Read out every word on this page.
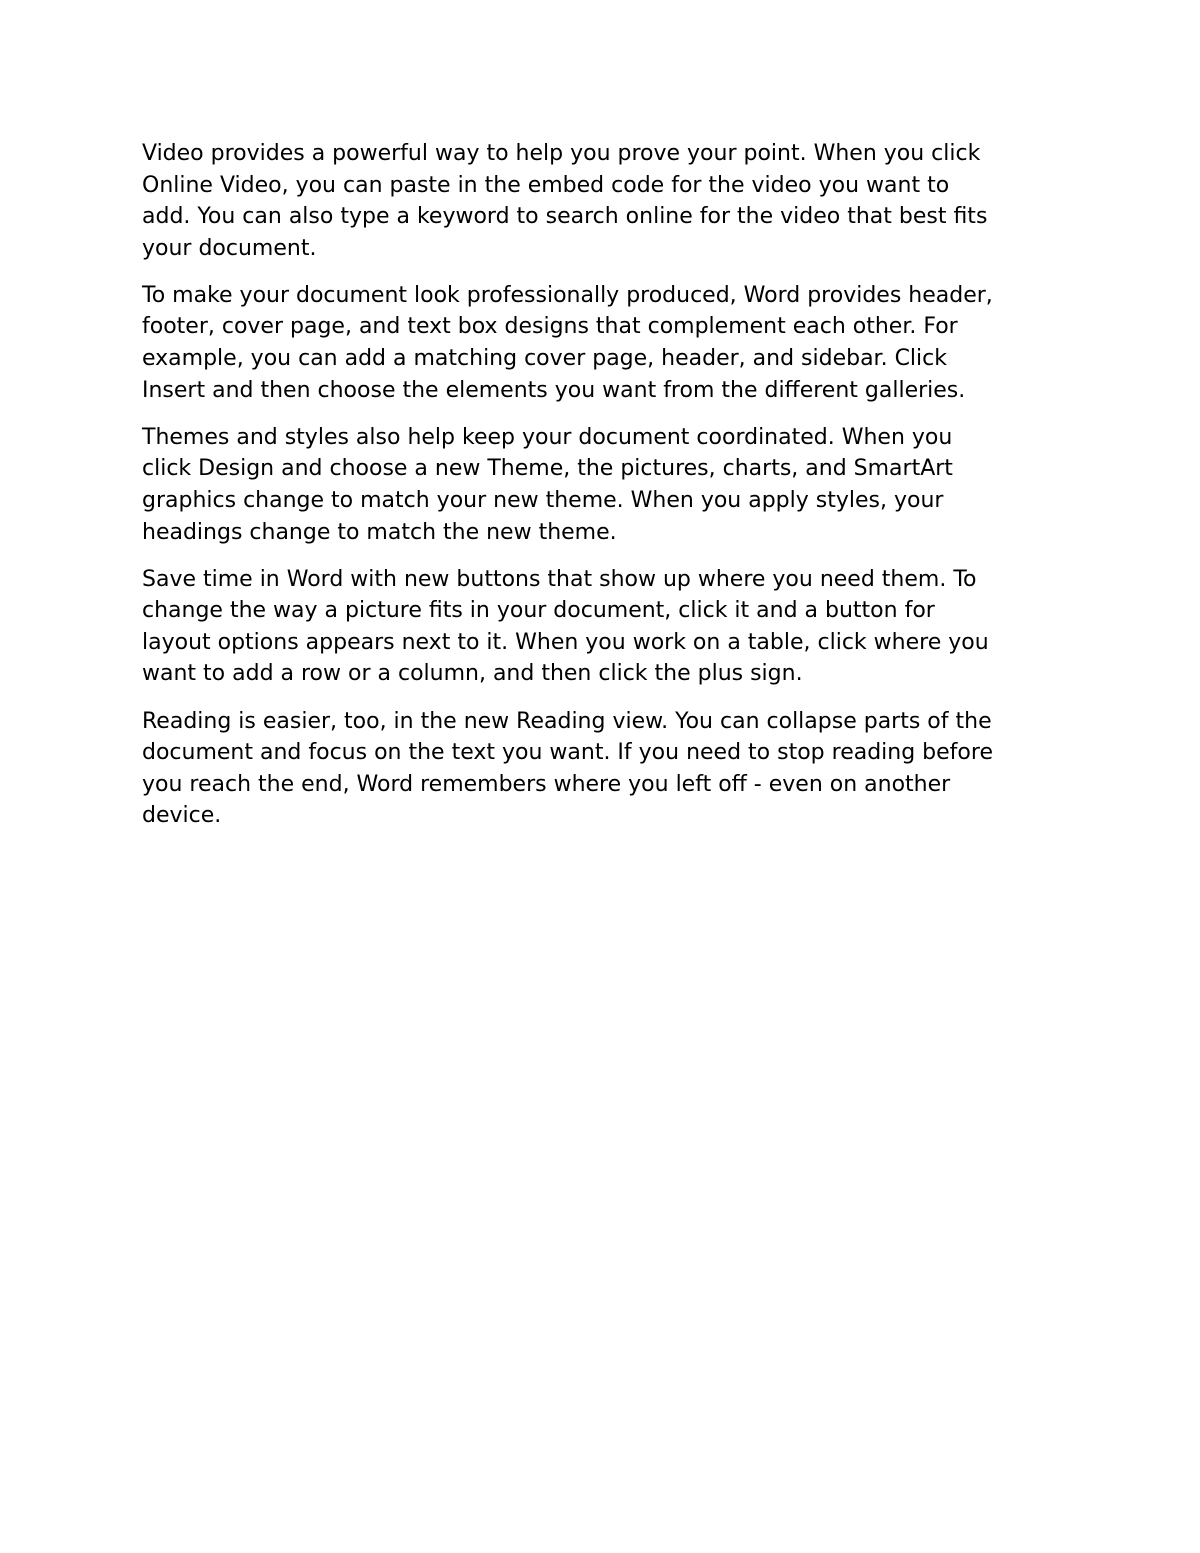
Video provides a powerful way to help you prove your point. When you click
Online Video, you can paste in the embed code for the video you want to
add. You can also type a keyword to search online for the video that best fits
your document.

To make your document look professionally produced, Word provides header,
footer, cover page, and text box designs that complement each other. For
example, you can add a matching cover page, header, and sidebar. Click
Insert and then choose the elements you want from the different galleries.

Themes and styles also help keep your document coordinated. When you
click Design and choose a new Theme, the pictures, charts, and SmartArt
graphics change to match your new theme. When you apply styles, your
headings change to match the new theme.

Save time in Word with new buttons that show up where you need them. To
change the way a picture fits in your document, click it and a button for
layout options appears next to it. When you work on a table, click where you
want to add a row or a column, and then click the plus sign.

Reading is easier, too, in the new Reading view. You can collapse parts of the
document and focus on the text you want. If you need to stop reading before
you reach the end, Word remembers where you left off - even on another
device.
